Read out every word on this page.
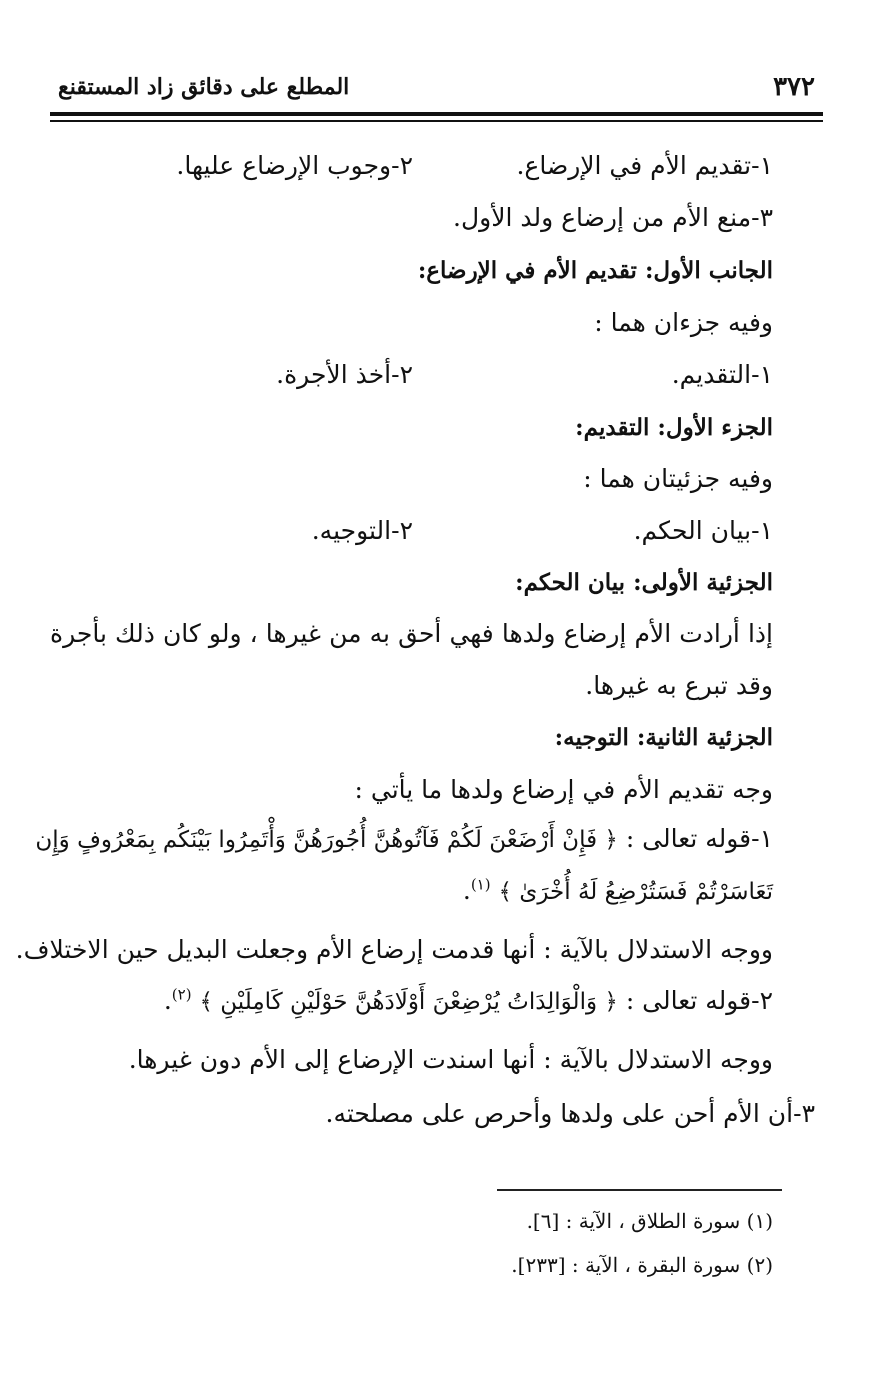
٣٧٢
المطلع على دقائق زاد المستقنع
١-تقديم الأم في الإرضاع.
٢-وجوب الإرضاع عليها.
٣-منع الأم من إرضاع ولد الأول.
الجانب الأول: تقديم الأم في الإرضاع:
وفيه جزءان هما :
١-التقديم.
٢-أخذ الأجرة.
الجزء الأول: التقديم:
وفيه جزئيتان هما :
١-بيان الحكم.
٢-التوجيه.
الجزئية الأولى: بيان الحكم:
إذا أرادت الأم إرضاع ولدها فهي أحق به من غيرها ، ولو كان ذلك بأجرة
وقد تبرع به غيرها.
الجزئية الثانية: التوجيه:
وجه تقديم الأم في إرضاع ولدها ما يأتي :
١-قوله تعالى : ﴿ فَإِنْ أَرْضَعْنَ لَكُمْ فَآتُوهُنَّ أُجُورَهُنَّ وَأْتَمِرُوا بَيْنَكُم بِمَعْرُوفٍ وَإِن
تَعَاسَرْتُمْ فَسَتُرْضِعُ لَهُ أُخْرَىٰ ﴾ $^{(١)}$.
ووجه الاستدلال بالآية : أنها قدمت إرضاع الأم وجعلت البديل حين الاختلاف.
٢-قوله تعالى : ﴿ وَالْوَالِدَاتُ يُرْضِعْنَ أَوْلَادَهُنَّ حَوْلَيْنِ كَامِلَيْنِ ﴾ $^{(٢)}$.
ووجه الاستدلال بالآية : أنها اسندت الإرضاع إلى الأم دون غيرها.
٣-أن الأم أحن على ولدها وأحرص على مصلحته.
(١) سورة الطلاق ، الآية : [٦].
(٢) سورة البقرة ، الآية : [٢٣٣].
